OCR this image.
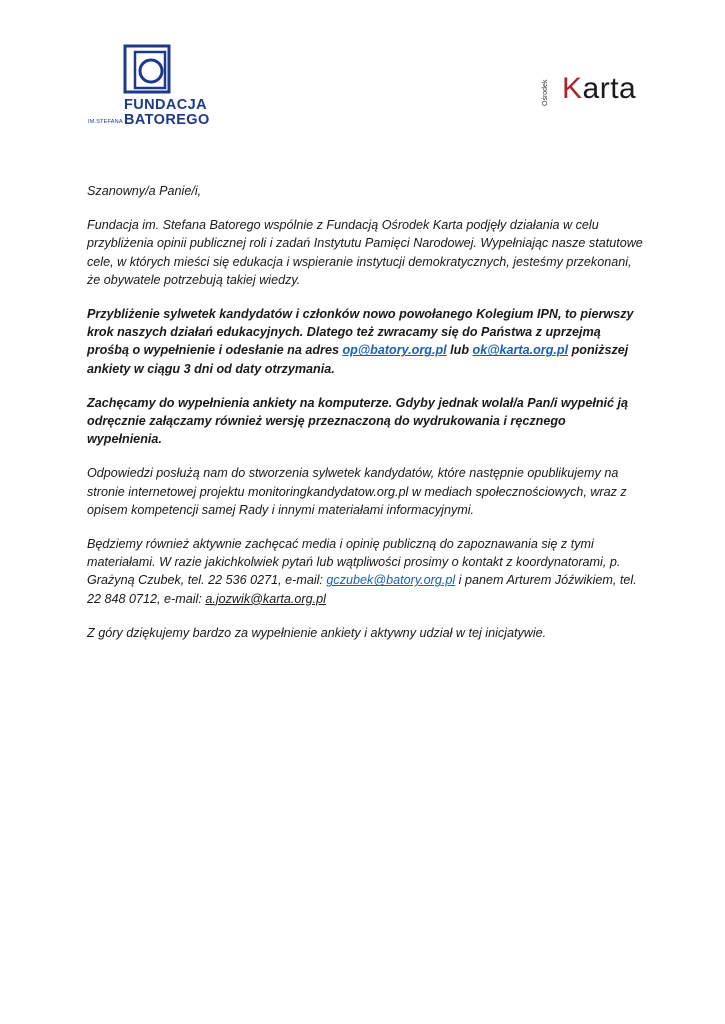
FUNDACJA
BATOREGO
IM.STEFANA
Ośrodek Karta

Szanowny/a Panie/i,

Fundacja im. Stefana Batorego wspólnie z Fundacją Ośrodek Karta podjęły działania w celu przybliżenia opinii publicznej roli i zadań Instytutu Pamięci Narodowej. Wypełniając nasze statutowe cele, w których mieści się edukacja i wspieranie instytucji demokratycznych, jesteśmy przekonani, że obywatele potrzebują takiej wiedzy.

Przybliżenie sylwetek kandydatów i członków nowo powołanego Kolegium IPN, to pierwszy krok naszych działań edukacyjnych. Dlatego też zwracamy się do Państwa z uprzejmą prośbą o wypełnienie i odesłanie na adres op@batory.org.pl lub ok@karta.org.pl poniższej ankiety w ciągu 3 dni od daty otrzymania.

Zachęcamy do wypełnienia ankiety na komputerze. Gdyby jednak wolał/a Pan/i wypełnić ją odręcznie załączamy również wersję przeznaczoną do wydrukowania i ręcznego wypełnienia.

Odpowiedzi posłużą nam do stworzenia sylwetek kandydatów, które następnie opublikujemy na stronie internetowej projektu monitoringkandydatow.org.pl w mediach społecznościowych, wraz z opisem kompetencji samej Rady i innymi materiałami informacyjnymi.

Będziemy również aktywnie zachęcać media i opinię publiczną do zapoznawania się z tymi materiałami. W razie jakichkolwiek pytań lub wątpliwości prosimy o kontakt z koordynatorami, p. Grażyną Czubek, tel. 22 536 0271, e-mail: gczubek@batory.org.pl i panem Arturem Jóźwikiem, tel. 22 848 0712, e-mail: a.jozwik@karta.org.pl

Z góry dziękujemy bardzo za wypełnienie ankiety i aktywny udział w tej inicjatywie.
